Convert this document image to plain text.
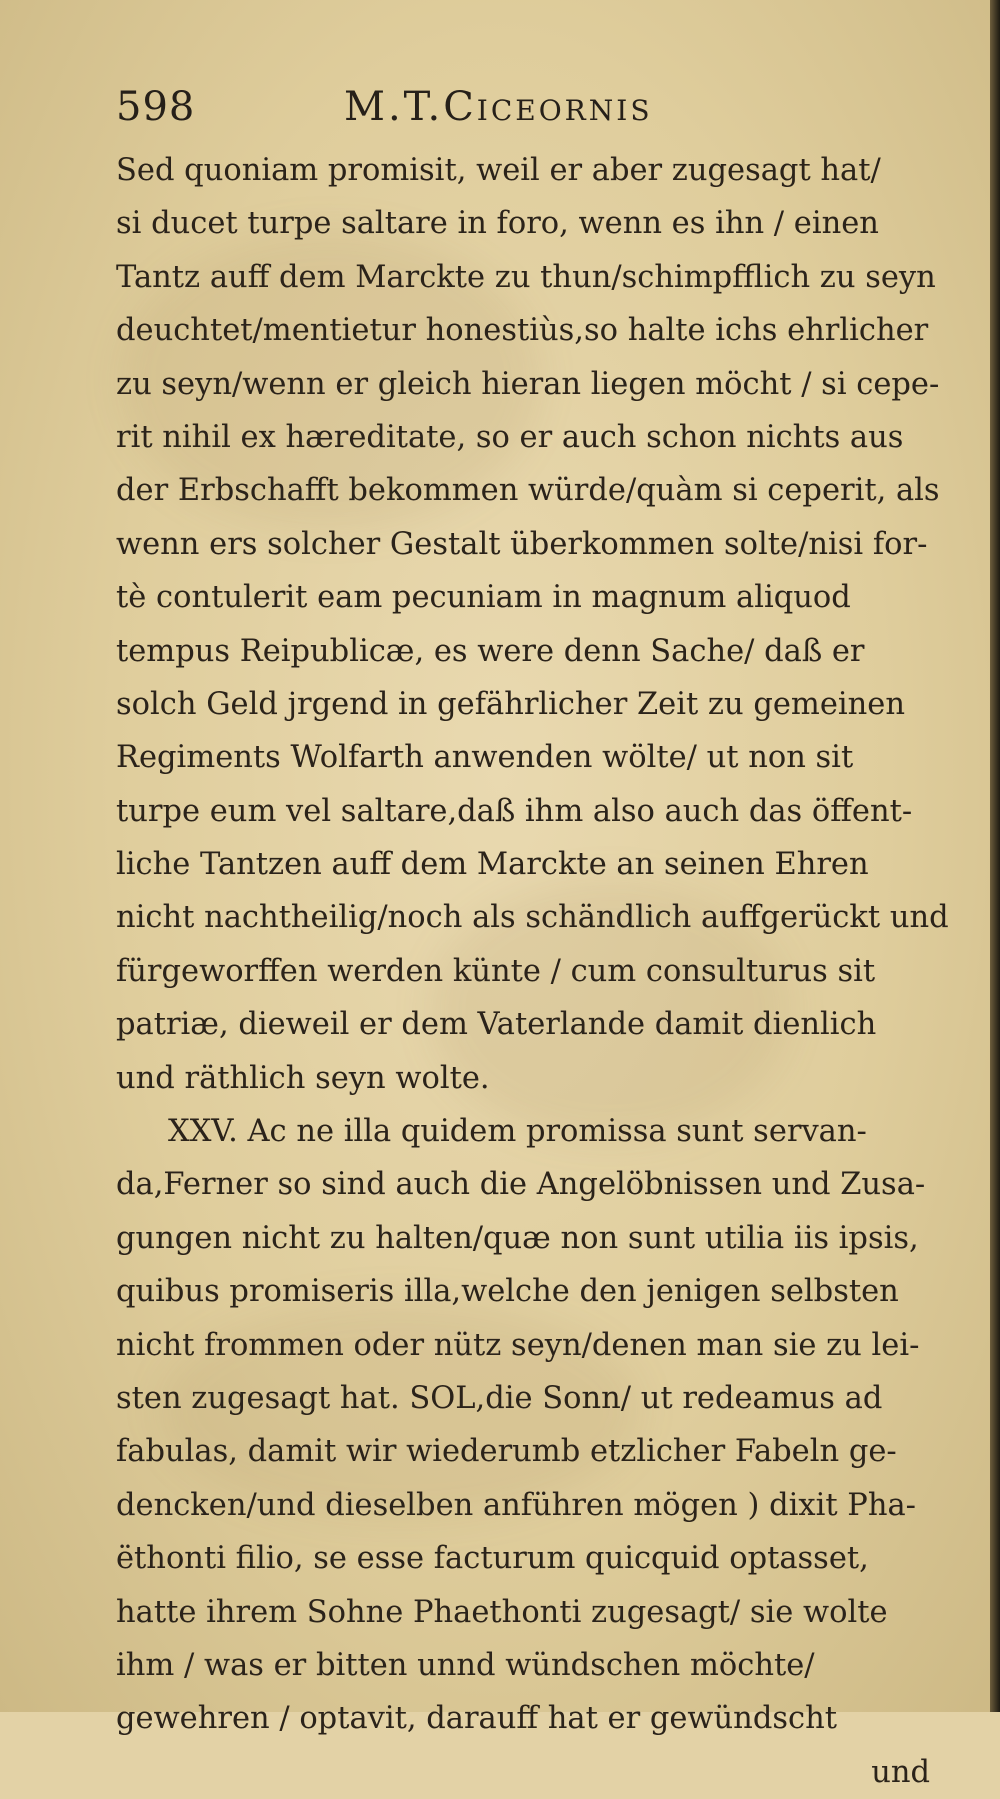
598	M.T.Ciceornis
Sed quoniam promisit, weil er aber zugesagt hat/
si ducet turpe saltare in foro, wenn es ihn / einen
Tantz auff dem Marckte zu thun/schimpfflich zu seyn
deuchtet/mentietur honestiùs,so halte ichs ehrlicher
zu seyn/wenn er gleich hieran liegen möcht / si cepe-
rit nihil ex hæreditate, so er auch schon nichts aus
der Erbschafft bekommen würde/quàm si ceperit, als
wenn ers solcher Gestalt überkommen solte/nisi for-
tè contulerit eam pecuniam in magnum aliquod
tempus Reipublicæ, es were denn Sache/ daß er
solch Geld jrgend in gefährlicher Zeit zu gemeinen
Regiments Wolfarth anwenden wölte/ ut non sit
turpe eum vel saltare,daß ihm also auch das öffent-
liche Tantzen auff dem Marckte an seinen Ehren
nicht nachtheilig/noch als schändlich auffgerückt und
fürgeworffen werden künte / cum consulturus sit
patriæ, dieweil er dem Vaterlande damit dienlich
und räthlich seyn wolte.
XXV. Ac ne illa quidem promissa sunt servan-
da,Ferner so sind auch die Angelöbnissen und Zusa-
gungen nicht zu halten/quæ non sunt utilia iis ipsis,
quibus promiseris illa,welche den jenigen selbsten
nicht frommen oder nütz seyn/denen man sie zu lei-
sten zugesagt hat. SOL,die Sonn/ ut redeamus ad
fabulas, damit wir wiederumb etzlicher Fabeln ge-
dencken/und dieselben anführen mögen ) dixit Pha-
ëthonti filio, se esse facturum quicquid optasset,
hatte ihrem Sohne Phaethonti zugesagt/ sie wolte
ihm / was er bitten unnd wündschen möchte/
gewehren / optavit, darauff hat er gewündscht
und
